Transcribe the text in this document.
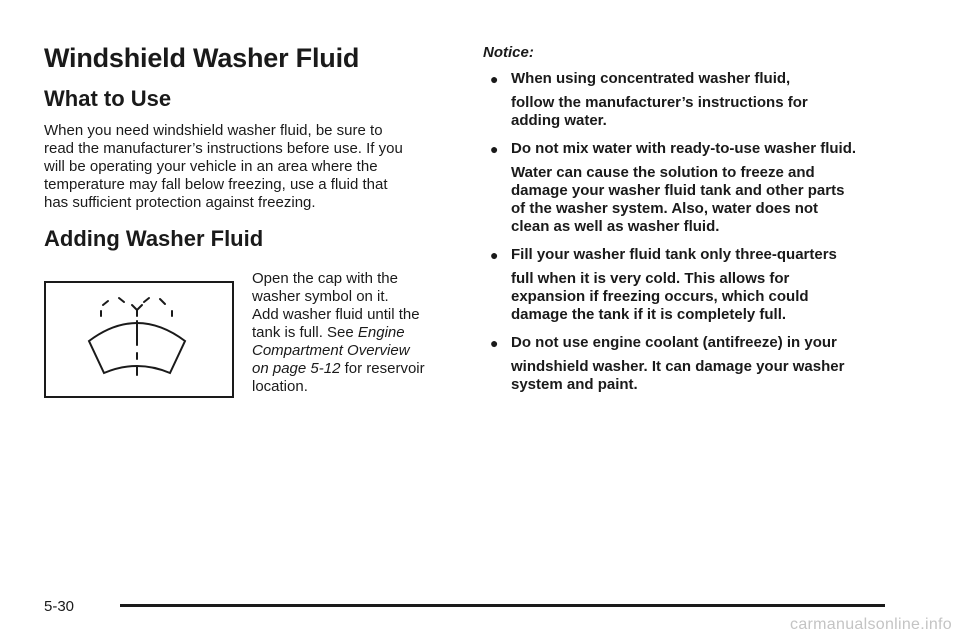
Windshield Washer Fluid
What to Use

When you need windshield washer fluid, be sure to
read the manufacturer’s instructions before use. If you
will be operating your vehicle in an area where the
temperature may fall below freezing, use a fluid that
has sufficient protection against freezing.

Adding Washer Fluid

Open the cap with the
washer symbol on it.
Add washer fluid until the
tank is full. See Engine
Compartment Overview
on page 5-12 for reservoir
location.

Notice:

● When using concentrated washer fluid,
follow the manufacturer’s instructions for
adding water.
● Do not mix water with ready-to-use washer fluid.
Water can cause the solution to freeze and
damage your washer fluid tank and other parts
of the washer system. Also, water does not
clean as well as washer fluid.
● Fill your washer fluid tank only three-quarters
full when it is very cold. This allows for
expansion if freezing occurs, which could
damage the tank if it is completely full.
● Do not use engine coolant (antifreeze) in your
windshield washer. It can damage your washer
system and paint.
5-30
carmanualsonline.info
